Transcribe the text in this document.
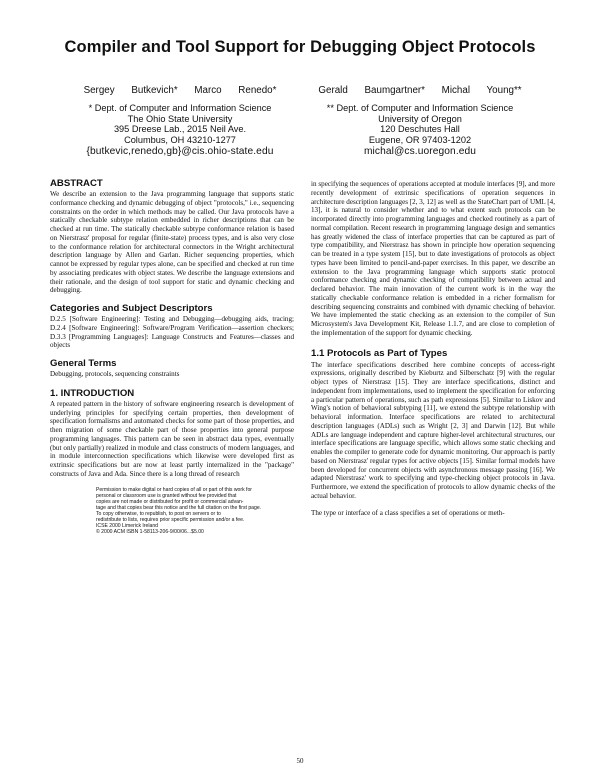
Compiler and Tool Support for Debugging Object Protocols
Sergey Butkevich* Marco Renedo*
* Dept. of Computer and Information Science
The Ohio State University
395 Dreese Lab., 2015 Neil Ave.
Columbus, OH 43210-1277
{butkevic,renedo,gb}@cis.ohio-state.edu
Gerald Baumgartner* Michal Young**
** Dept. of Computer and Information Science
University of Oregon
120 Deschutes Hall
Eugene, OR 97403-1202
michal@cs.uoregon.edu
ABSTRACT

We describe an extension to the Java programming language that supports static conformance checking and dynamic debugging of object "protocols," i.e., sequencing constraints on the order in which methods may be called. Our Java protocols have a statically checkable subtype relation embedded in richer descriptions that can be checked at run time. The statically checkable subtype conformance relation is based on Nierstrasz' proposal for regular (finite-state) process types, and is also very close to the conformance relation for architectural connectors in the Wright architectural description language by Allen and Garlan. Richer sequencing properties, which cannot be expressed by regular types alone, can be specified and checked at run time by associating predicates with object states. We describe the language extensions and their rationale, and the design of tool support for static and dynamic checking and debugging.

Categories and Subject Descriptors

D.2.5 [Software Engineering]: Testing and Debugging—debugging aids, tracing; D.2.4 [Software Engineering]: Software/Program Verification—assertion checkers; D.3.3 [Programming Languages]: Language Constructs and Features—classes and objects

General Terms

Debugging, protocols, sequencing constraints

1. INTRODUCTION

A repeated pattern in the history of software engineering research is development of underlying principles for specifying certain properties, then development of specification formalisms and automated checks for some part of those properties, and then migration of some checkable part of those properties into general purpose programming languages. This pattern can be seen in abstract data types, eventually (but only partially) realized in module and class constructs of modern languages, and in module interconnection specifications which likewise were developed first as extrinsic specifications but are now at least partly internalized in the "package" constructs of Java and Ada. Since there is a long thread of research

Permission to make digital or hard copies of all or part of this work for
personal or classroom use is granted without fee provided that
copies are not made or distributed for profit or commercial advan-
tage and that copies bear this notice and the full citation on the first page.
To copy otherwise, to republish, to post on servers or to
redistribute to lists, requires prior specific permission and/or a fee.
ICSE 2000 Limerick Ireland
© 2000 ACM ISBN 1-58113-206-9/00/06...$5.00

in specifying the sequences of operations accepted at module interfaces [9], and more recently development of extrinsic specifications of operation sequences in architecture description languages [2, 3, 12] as well as the StateChart part of UML [4, 13], it is natural to consider whether and to what extent such protocols can be incorporated directly into programming languages and checked routinely as a part of normal compilation. Recent research in programming language design and semantics has greatly widened the class of interface properties that can be captured as part of type compatibility, and Nierstrasz has shown in principle how operation sequencing can be treated in a type system [15], but to date investigations of protocols as object types have been limited to pencil-and-paper exercises. In this paper, we describe an extension to the Java programming language which supports static protocol conformance checking and dynamic checking of compatibility between actual and declared behavior. The main innovation of the current work is in the way the statically checkable conformance relation is embedded in a richer formalism for describing sequencing constraints and combined with dynamic checking of behavior. We have implemented the static checking as an extension to the compiler of Sun Microsystem's Java Development Kit, Release 1.1.7, and are close to completion of the implementation of the support for dynamic checking.

1.1 Protocols as Part of Types

The interface specifications described here combine concepts of access-right expressions, originally described by Kieburtz and Silberschatz [9] with the regular object types of Nierstrasz [15]. They are interface specifications, distinct and independent from implementations, used to implement the specification for enforcing a particular pattern of operations, such as path expressions [5]. Similar to Liskov and Wing's notion of behavioral subtyping [11], we extend the subtype relationship with behavioral information. Interface specifications are related to architectural description languages (ADLs) such as Wright [2, 3] and Darwin [12]. But while ADLs are language independent and capture higher-level architectural structures, our interface specifications are language specific, which allows some static checking and enables the compiler to generate code for dynamic monitoring. Our approach is partly based on Nierstrasz' regular types for active objects [15]. Similar formal models have been developed for concurrent objects with asynchronous message passing [16]. We adapted Nierstrasz' work to specifying and type-checking object protocols in Java. Furthermore, we extend the specification of protocols to allow dynamic checks of the actual behavior.

The type or interface of a class specifies a set of operations or meth-

50
